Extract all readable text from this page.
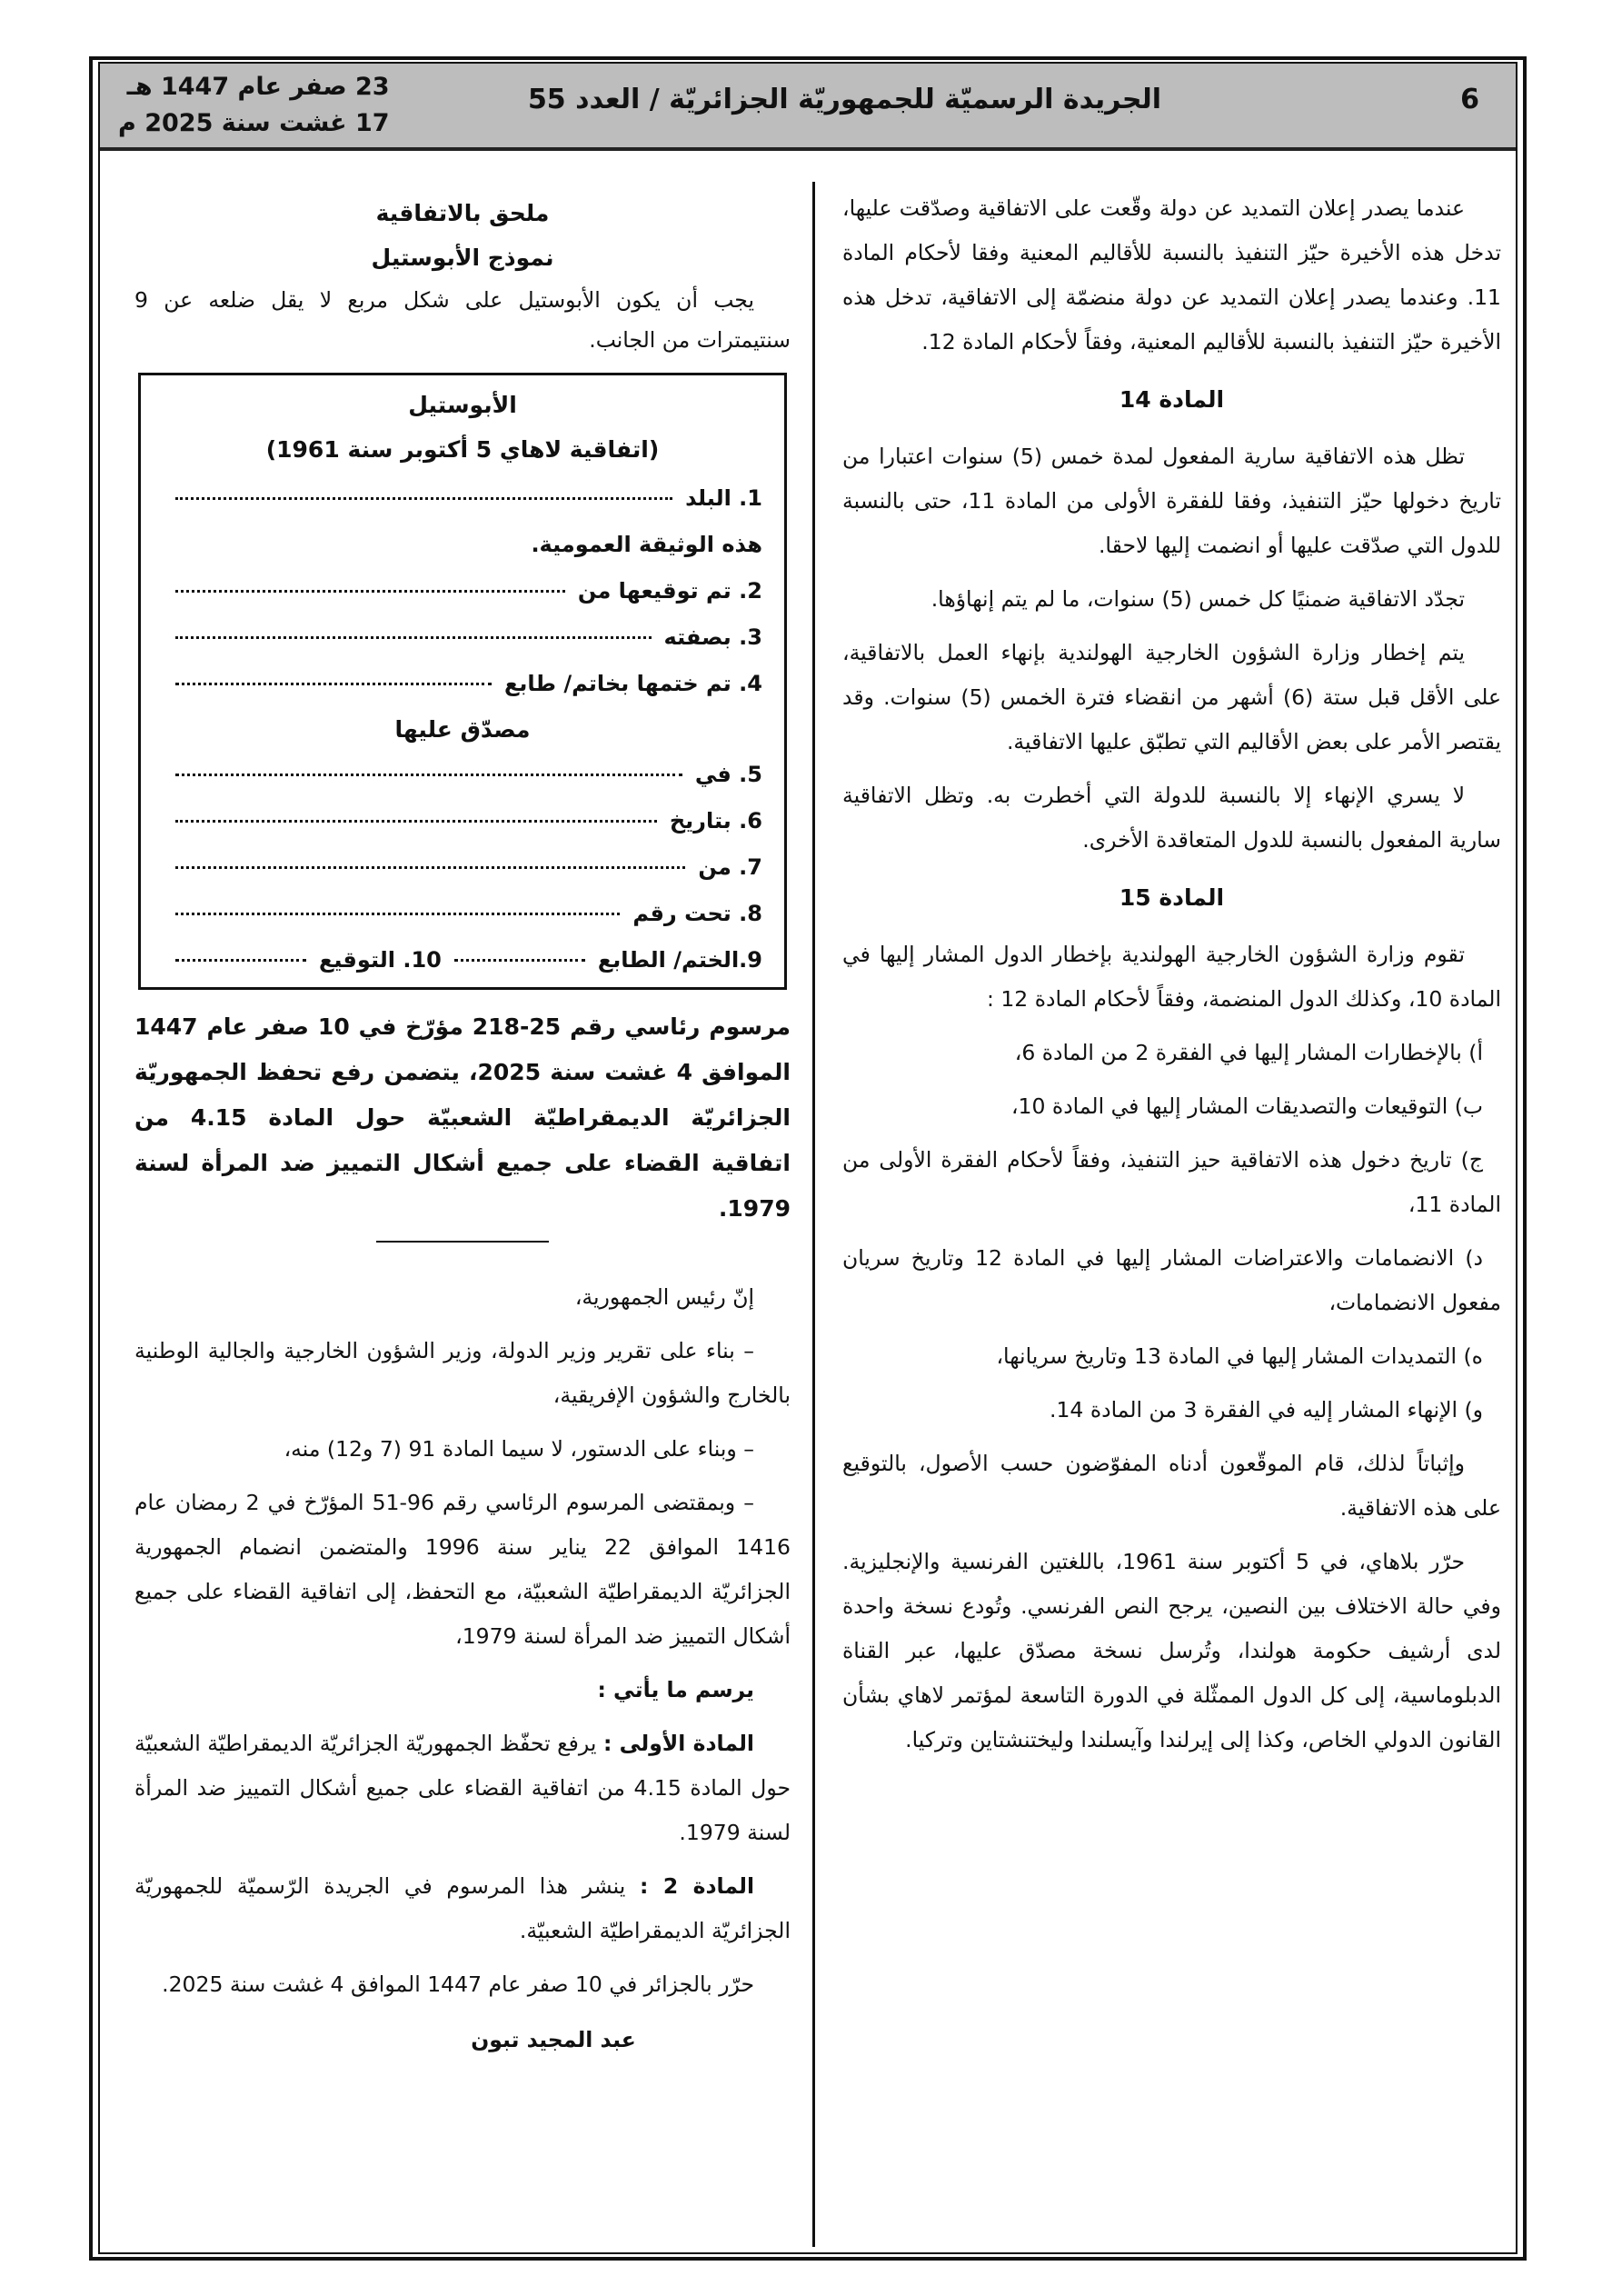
6
الجريدة الرسميّة للجمهوريّة الجزائريّة / العدد 55
23 صفر عام 1447 هـ
17 غشت سنة 2025 م

عندما يصدر إعلان التمديد عن دولة وقّعت على الاتفاقية وصدّقت عليها، تدخل هذه الأخيرة حيّز التنفيذ بالنسبة للأقاليم المعنية وفقا لأحكام المادة 11. وعندما يصدر إعلان التمديد عن دولة منضمّة إلى الاتفاقية، تدخل هذه الأخيرة حيّز التنفيذ بالنسبة للأقاليم المعنية، وفقاً لأحكام المادة 12.

المادة 14

تظل هذه الاتفاقية سارية المفعول لمدة خمس (5) سنوات اعتبارا من تاريخ دخولها حيّز التنفيذ، وفقا للفقرة الأولى من المادة 11، حتى بالنسبة للدول التي صدّقت عليها أو انضمت إليها لاحقا.

تجدّد الاتفاقية ضمنيًا كل خمس (5) سنوات، ما لم يتم إنهاؤها.

يتم إخطار وزارة الشؤون الخارجية الهولندية بإنهاء العمل بالاتفاقية، على الأقل قبل ستة (6) أشهر من انقضاء فترة الخمس (5) سنوات. وقد يقتصر الأمر على بعض الأقاليم التي تطبّق عليها الاتفاقية.

لا يسري الإنهاء إلا بالنسبة للدولة التي أخطرت به. وتظل الاتفاقية سارية المفعول بالنسبة للدول المتعاقدة الأخرى.

المادة 15

تقوم وزارة الشؤون الخارجية الهولندية بإخطار الدول المشار إليها في المادة 10، وكذلك الدول المنضمة، وفقاً لأحكام المادة 12 :

أ) بالإخطارات المشار إليها في الفقرة 2 من المادة 6،

ب) التوقيعات والتصديقات المشار إليها في المادة 10،

ج) تاريخ دخول هذه الاتفاقية حيز التنفيذ، وفقاً لأحكام الفقرة الأولى من المادة 11،

د) الانضمامات والاعتراضات المشار إليها في المادة 12 وتاريخ سريان مفعول الانضمامات،

ه) التمديدات المشار إليها في المادة 13 وتاريخ سريانها،

و) الإنهاء المشار إليه في الفقرة 3 من المادة 14.

وإثباتاً لذلك، قام الموقّعون أدناه المفوّضون حسب الأصول، بالتوقيع على هذه الاتفاقية.

حرّر بلاهاي، في 5 أكتوبر سنة 1961، باللغتين الفرنسية والإنجليزية. وفي حالة الاختلاف بين النصين، يرجح النص الفرنسي. وتُودع نسخة واحدة لدى أرشيف حكومة هولندا، وتُرسل نسخة مصدّق عليها، عبر القناة الدبلوماسية، إلى كل الدول الممثّلة في الدورة التاسعة لمؤتمر لاهاي بشأن القانون الدولي الخاص، وكذا إلى إيرلندا وآيسلندا وليختنشتاين وتركيا.

ملحق بالاتفاقية
نموذج الأبوستيل

يجب أن يكون الأبوستيل على شكل مربع لا يقل ضلعه عن 9 سنتيمترات من الجانب.

الأبوستيل
(اتفاقية لاهاي 5 أكتوبر سنة 1961)
1. البلد
هذه الوثيقة العمومية.
2. تم توقيعها من
3. بصفته
4. تم ختمها بخاتم/ طابع
مصدّق عليها
5. في
6. بتاريخ
7. من
8. تحت رقم
9.الختم/ الطابع
10. التوقيع

مرسوم رئاسي رقم 25-218 مؤرّخ في 10 صفر عام 1447 الموافق 4 غشت سنة 2025، يتضمن رفع تحفظ الجمهوريّة الجزائريّة الديمقراطيّة الشعبيّة حول المادة 4.15 من اتفاقية القضاء على جميع أشكال التمييز ضد المرأة لسنة 1979.

إنّ رئيس الجمهورية،

– بناء على تقرير وزير الدولة، وزير الشؤون الخارجية والجالية الوطنية بالخارج والشؤون الإفريقية،

– وبناء على الدستور، لا سيما المادة 91 (7 و12) منه،

– وبمقتضى المرسوم الرئاسي رقم 96-51 المؤرّخ في 2 رمضان عام 1416 الموافق 22 يناير سنة 1996 والمتضمن انضمام الجمهورية الجزائريّة الديمقراطيّة الشعبيّة، مع التحفظ، إلى اتفاقية القضاء على جميع أشكال التمييز ضد المرأة لسنة 1979،

يرسم ما يأتي :

المادة الأولى : يرفع تحفّظ الجمهوريّة الجزائريّة الديمقراطيّة الشعبيّة حول المادة 4.15 من اتفاقية القضاء على جميع أشكال التمييز ضد المرأة لسنة 1979.

المادة 2 : ينشر هذا المرسوم في الجريدة الرّسميّة للجمهوريّة الجزائريّة الديمقراطيّة الشعبيّة.

حرّر بالجزائر في 10 صفر عام 1447 الموافق 4 غشت سنة 2025.

عبد المجيد تبون
